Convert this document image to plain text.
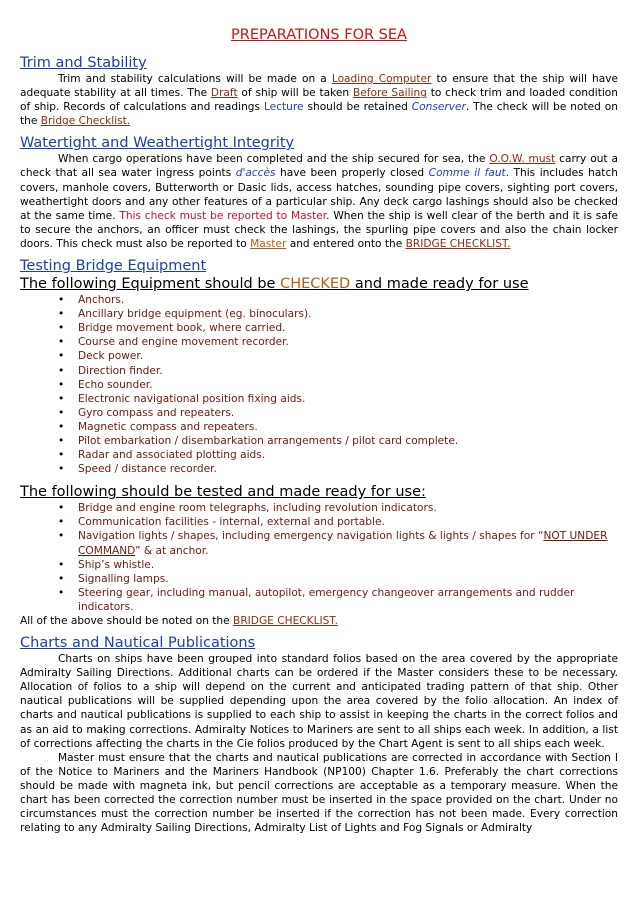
PREPARATIONS FOR SEA
Trim and Stability

Trim and stability calculations will be made on a Loading Computer to ensure that the ship will have adequate stability at all times. The Draft of ship will be taken Before Sailing to check trim and loaded condition of ship. Records of calculations and readings Lecture should be retained Conserver. The check will be noted on the Bridge Checklist.

Watertight and Weathertight Integrity

When cargo operations have been completed and the ship secured for sea, the O.O.W. must carry out a check that all sea water ingress points d'accès have been properly closed Comme il faut. This includes hatch covers, manhole covers, Butterworth or Dasic lids, access hatches, sounding pipe covers, sighting port covers, weathertight doors and any other features of a particular ship. Any deck cargo lashings should also be checked at the same time. This check must be reported to Master. When the ship is well clear of the berth and it is safe to secure the anchors, an officer must check the lashings, the spurling pipe covers and also the chain locker doors. This check must also be reported to Master and entered onto the BRIDGE CHECKLIST.

Testing Bridge Equipment
The following Equipment should be CHECKED and made ready for use
• Anchors.
• Ancillary bridge equipment (eg. binoculars).
• Bridge movement book, where carried.
• Course and engine movement recorder.
• Deck power.
• Direction finder.
• Echo sounder.
• Electronic navigational position fixing aids.
• Gyro compass and repeaters.
• Magnetic compass and repeaters.
• Pilot embarkation / disembarkation arrangements / pilot card complete.
• Radar and associated plotting aids.
• Speed / distance recorder.
The following should be tested and made ready for use:
• Bridge and engine room telegraphs, including revolution indicators.
• Communication facilities - internal, external and portable.
• Navigation lights / shapes, including emergency navigation lights & lights / shapes for “NOT UNDER COMMAND” & at anchor.
• Ship’s whistle.
• Signalling lamps.
• Steering gear, including manual, autopilot, emergency changeover arrangements and rudder indicators.

All of the above should be noted on the BRIDGE CHECKLIST.

Charts and Nautical Publications

Charts on ships have been grouped into standard folios based on the area covered by the appropriate Admiralty Sailing Directions. Additional charts can be ordered if the Master considers these to be necessary. Allocation of folios to a ship will depend on the current and anticipated trading pattern of that ship. Other nautical publications will be supplied depending upon the area covered by the folio allocation. An index of charts and nautical publications is supplied to each ship to assist in keeping the charts in the correct folios and as an aid to making corrections. Admiralty Notices to Mariners are sent to all ships each week. In addition, a list of corrections affecting the charts in the Cie folios produced by the Chart Agent is sent to all ships each week.

Master must ensure that the charts and nautical publications are corrected in accordance with Section I of the Notice to Mariners and the Mariners Handbook (NP100) Chapter 1.6. Preferably the chart corrections should be made with magneta ink, but pencil corrections are acceptable as a temporary measure. When the chart has been corrected the correction number must be inserted in the space provided on the chart. Under no circumstances must the correction number be inserted if the correction has not been made. Every correction relating to any Admiralty Sailing Directions, Admiralty List of Lights and Fog Signals or Admiralty
